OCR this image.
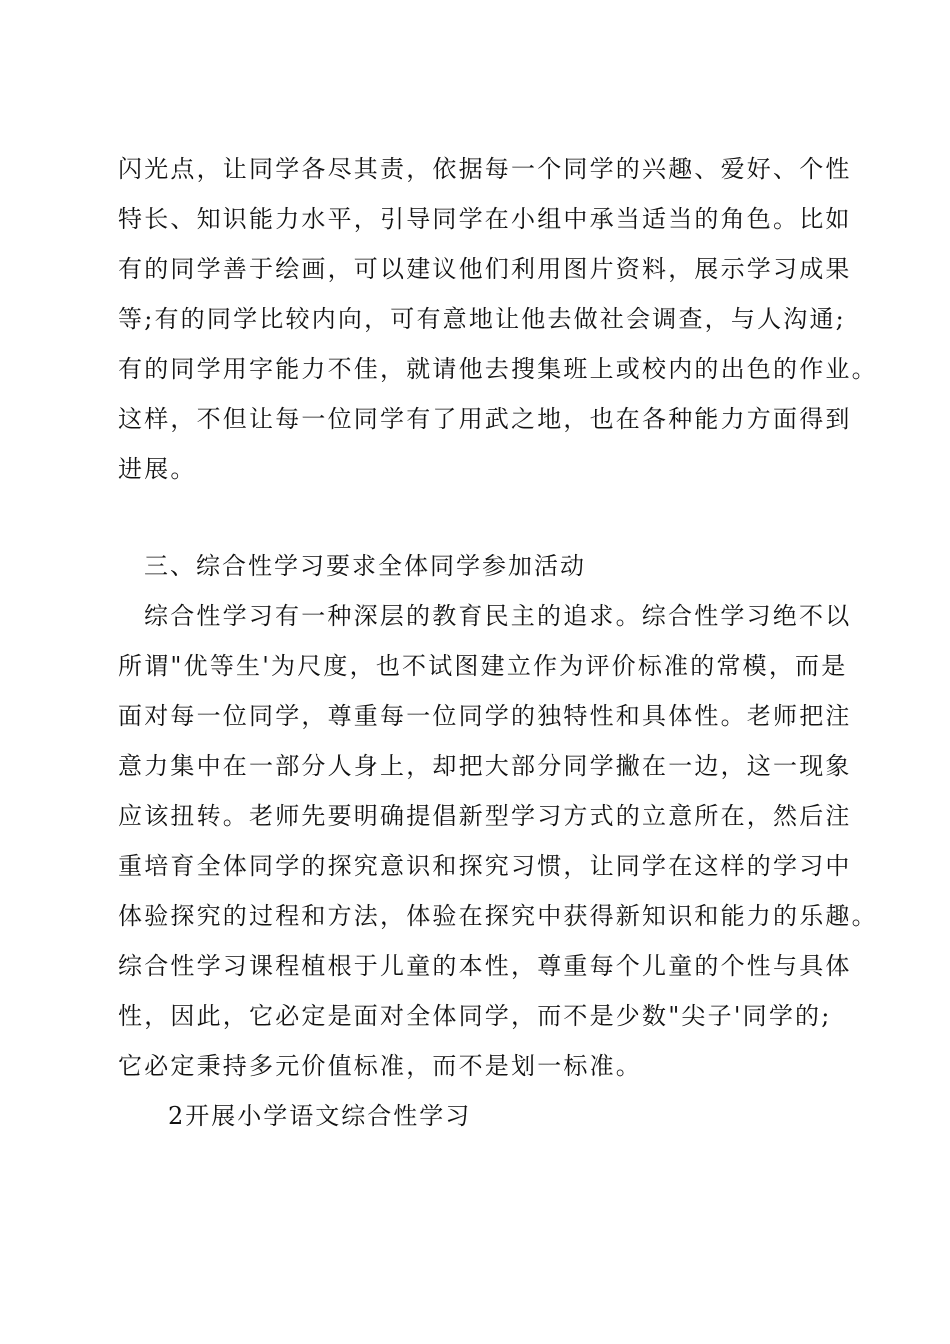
闪光点，让同学各尽其责，依据每一个同学的兴趣、爱好、个性
特长、知识能力水平，引导同学在小组中承当适当的角色。比如
有的同学善于绘画，可以建议他们利用图片资料，展示学习成果
等;有的同学比较内向，可有意地让他去做社会调查，与人沟通;
有的同学用字能力不佳，就请他去搜集班上或校内的出色的作业。
这样，不但让每一位同学有了用武之地，也在各种能力方面得到
进展。
三、综合性学习要求全体同学参加活动
综合性学习有一种深层的教育民主的追求。综合性学习绝不以
所谓"优等生'为尺度，也不试图建立作为评价标准的常模，而是
面对每一位同学，尊重每一位同学的独特性和具体性。老师把注
意力集中在一部分人身上，却把大部分同学撇在一边，这一现象
应该扭转。老师先要明确提倡新型学习方式的立意所在，然后注
重培育全体同学的探究意识和探究习惯，让同学在这样的学习中
体验探究的过程和方法，体验在探究中获得新知识和能力的乐趣。
综合性学习课程植根于儿童的本性，尊重每个儿童的个性与具体
性，因此，它必定是面对全体同学，而不是少数"尖子'同学的;
它必定秉持多元价值标准，而不是划一标准。
2开展小学语文综合性学习
